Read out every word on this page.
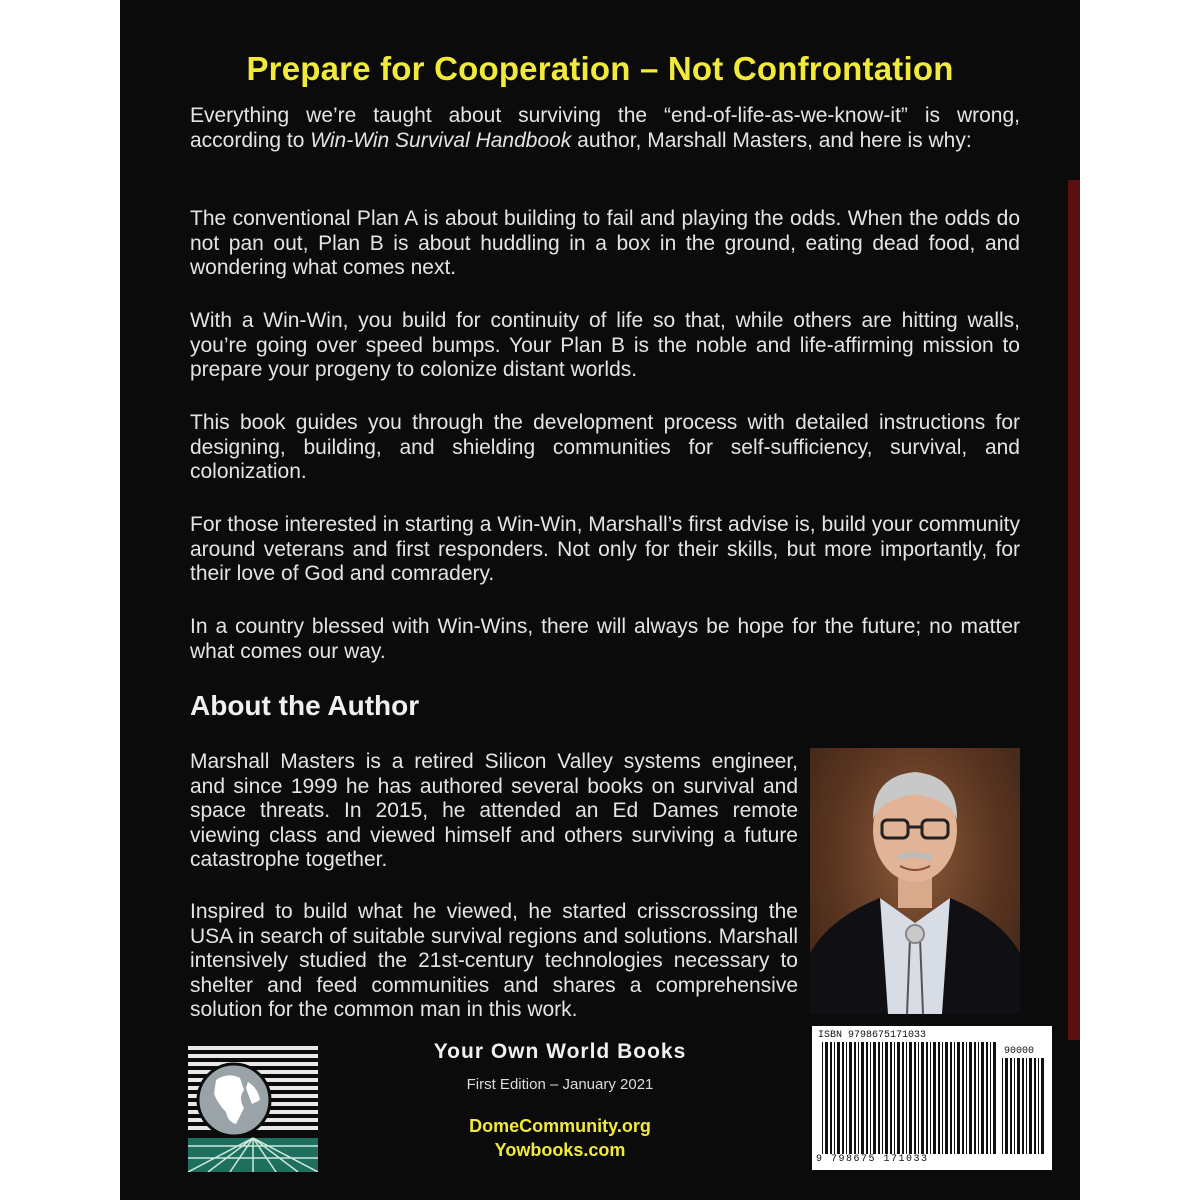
Prepare for Cooperation – Not Confrontation

Everything we’re taught about surviving the “end-of-life-as-we-know-it” is wrong, according to Win-Win Survival Handbook author, Marshall Masters, and here is why:

The conventional Plan A is about building to fail and playing the odds. When the odds do not pan out, Plan B is about huddling in a box in the ground, eating dead food, and wondering what comes next.

With a Win-Win, you build for continuity of life so that, while others are hitting walls, you’re going over speed bumps. Your Plan B is the noble and life-affirming mission to prepare your progeny to colonize distant worlds.

This book guides you through the development process with detailed instructions for designing, building, and shielding communities for self-sufficiency, survival, and colonization.

For those interested in starting a Win-Win, Marshall’s first advise is, build your community around veterans and first responders. Not only for their skills, but more importantly, for their love of God and comradery.

In a country blessed with Win-Wins, there will always be hope for the future; no matter what comes our way.

About the Author

Marshall Masters is a retired Silicon Valley systems engineer, and since 1999 he has authored several books on survival and space threats. In 2015, he attended an Ed Dames remote viewing class and viewed himself and others surviving a future catastrophe together.

Inspired to build what he viewed, he started crisscrossing the USA in search of suitable survival regions and solutions. Marshall intensively studied the 21st-century technologies necessary to shelter and feed communities and shares a comprehensive solution for the common man in this work.

Your Own World Books
First Edition – January 2021
DomeCommunity.org
Yowbooks.com
ISBN 9798675171033
90000
9 798675 171033
